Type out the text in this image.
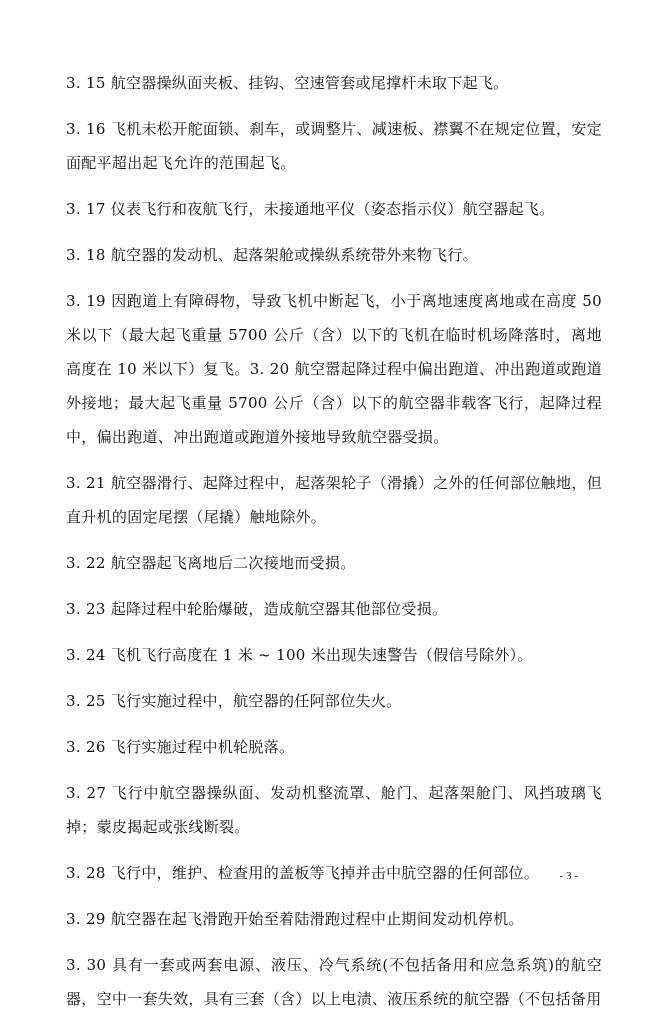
3. 15 航空器操纵面夹板、挂钩、空速管套或尾撑杆未取下起飞。

3. 16 飞机未松开舵面锁、刹车，或调整片、减速板、襟翼不在规定位置，安定面配平超出起飞允许的范围起飞。

3. 17 仪表飞行和夜航飞行，未接通地平仪（姿态指示仪）航空器起飞。

3. 18 航空器的发动机、起落架舱或操纵系统带外来物飞行。

3. 19 因跑道上有障碍物，导致飞机中断起飞，小于离地速度离地或在高度 50 米以下（最大起飞重量 5700 公斤（含）以下的飞机在临时机场降落时，离地高度在 10 米以下）复飞。3. 20 航空嚣起降过程中偏出跑道、冲出跑道或跑道外接地；最大起飞重量 5700 公斤（含）以下的航空器非载客飞行，起降过程中，偏出跑道、冲出跑道或跑道外接地导致航空器受损。

3. 21 航空器滑行、起降过程中，起落架轮子（滑撬）之外的任何部位触地，但直升机的固定尾摆（尾撬）触地除外。

3. 22 航空器起飞离地后二次接地而受损。

3. 23 起降过程中轮胎爆破，造成航空器其他部位受损。

3. 24 飞机飞行高度在 1 米 ~ 100 米出现失速警告（假信号除外）。

3. 25 飞行实施过程中，航空器的任阿部位失火。

3. 26 飞行实施过程中机轮脱落。

3. 27 飞行中航空器操纵面、发动机整流罩、舱门、起落架舱门、风挡玻璃飞掉；蒙皮揭起或张线断裂。

3. 28 飞行中，维护、检查用的盖板等飞掉并击中肮空器的任何部位。

3. 29 航空器在起飞滑跑开始至着陆滑跑过程中止期间发动机停机。

3. 30 具有一套或两套电源、液压、冷气系统(不包括备用和应急系筑)的航空器，空中一套失效，具有三套（含）以上电渍、液压系统的航空器（不包括备用

- 3 -
